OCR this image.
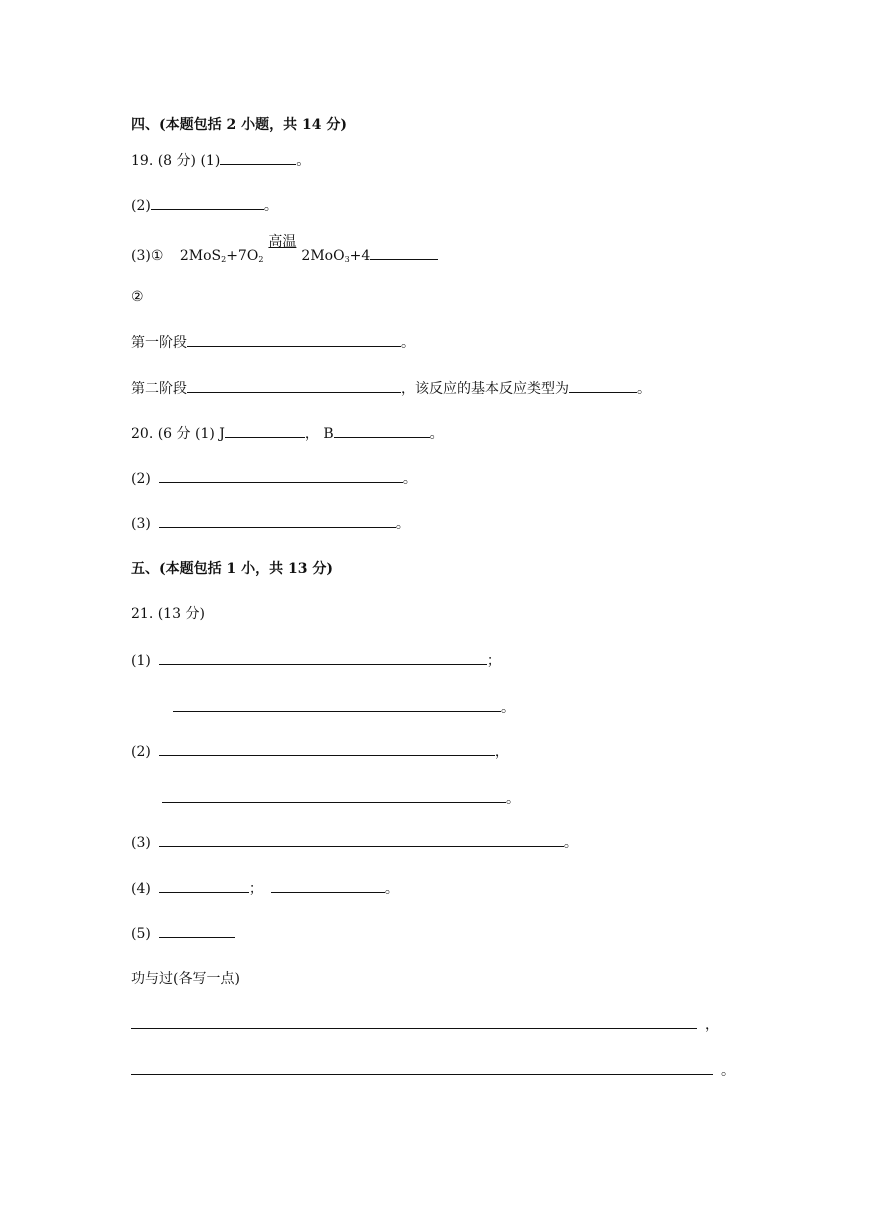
四、(本题包括 2 小题，共 14 分)
19. (8 分) (1)	。
(2)	。
(3)① $2MoS_2+7O_2$
高温
2MoO$_3$+4
②
第一阶段	。
第二阶段	，该反应的基本反应类型为	。
20. (6 分 (1) J	， B	。
(2)	。
(3)	。
五、(本题包括 1 小，共 13 分)
21. (13 分)
(1)	；
。
(2)	，
。
(3)	。
(4)	；	。
(5)
功与过(各写一点)
，
。
